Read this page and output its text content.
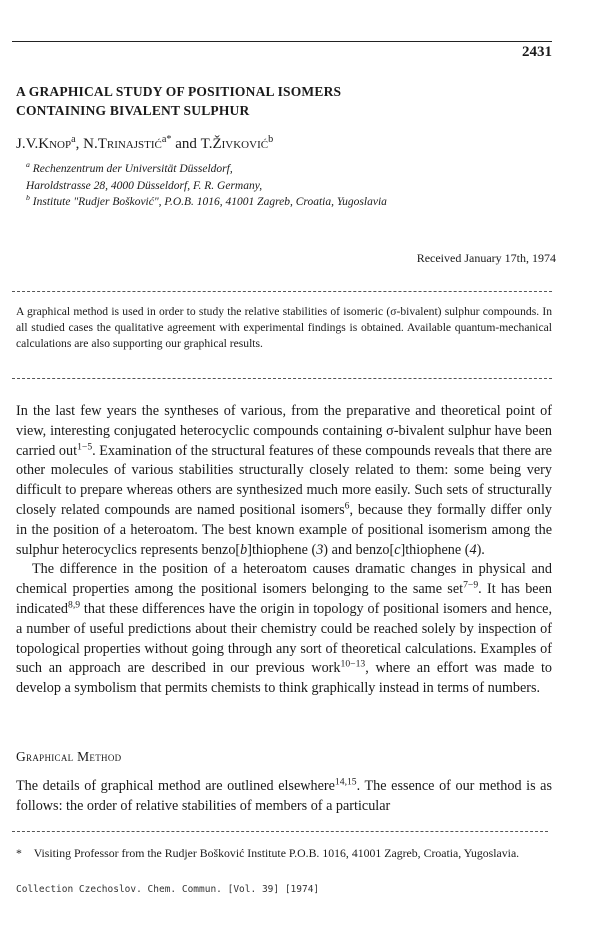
2431
A GRAPHICAL STUDY OF POSITIONAL ISOMERS
CONTAINING BIVALENT SULPHUR
J.V.Knop$^a$, N.Trinajstić$^{a*}$ and T.Živković$^b$
$^a$ Rechenzentrum der Universität Düsseldorf,
Haroldstrasse 28, 4000 Düsseldorf, F. R. Germany,
$^b$ Institute "Rudjer Bošković", P.O.B. 1016, 41001 Zagreb, Croatia, Yugoslavia
Received January 17th, 1974
A graphical method is used in order to study the relative stabilities of isomeric (σ-bivalent) sulphur compounds. In all studied cases the qualitative agreement with experimental findings is obtained. Available quantum-mechanical calculations are also supporting our graphical results.

In the last few years the syntheses of various, from the preparative and theoretical point of view, interesting conjugated heterocyclic compounds containing σ-bivalent sulphur have been carried out$^{1-5}$. Examination of the structural features of these compounds reveals that there are other molecules of various stabilities structurally closely related to them: some being very difficult to prepare whereas others are synthesized much more easily. Such sets of structurally closely related compounds are named positional isomers$^6$, because they formally differ only in the position of a heteroatom. The best known example of positional isomerism among the sulphur heterocyclics represents benzo[b]thiophene (3) and benzo[c]thiophene (4).

The difference in the position of a heteroatom causes dramatic changes in physical and chemical properties among the positional isomers belonging to the same set$^{7-9}$. It has been indicated$^{8,9}$ that these differences have the origin in topology of positional isomers and hence, a number of useful predictions about their chemistry could be reached solely by inspection of topological properties without going through any sort of theoretical calculations. Examples of such an approach are described in our previous work$^{10-13}$, where an effort was made to develop a symbolism that permits chemists to think graphically instead in terms of numbers.

Graphical Method

The details of graphical method are outlined elsewhere$^{14,15}$. The essence of our method is as follows: the order of relative stabilities of members of a particular

* Visiting Professor from the Rudjer Bošković Institute P.O.B. 1016, 41001 Zagreb, Croatia, Yugoslavia.
Collection Czechoslov. Chem. Commun. [Vol. 39] [1974]
